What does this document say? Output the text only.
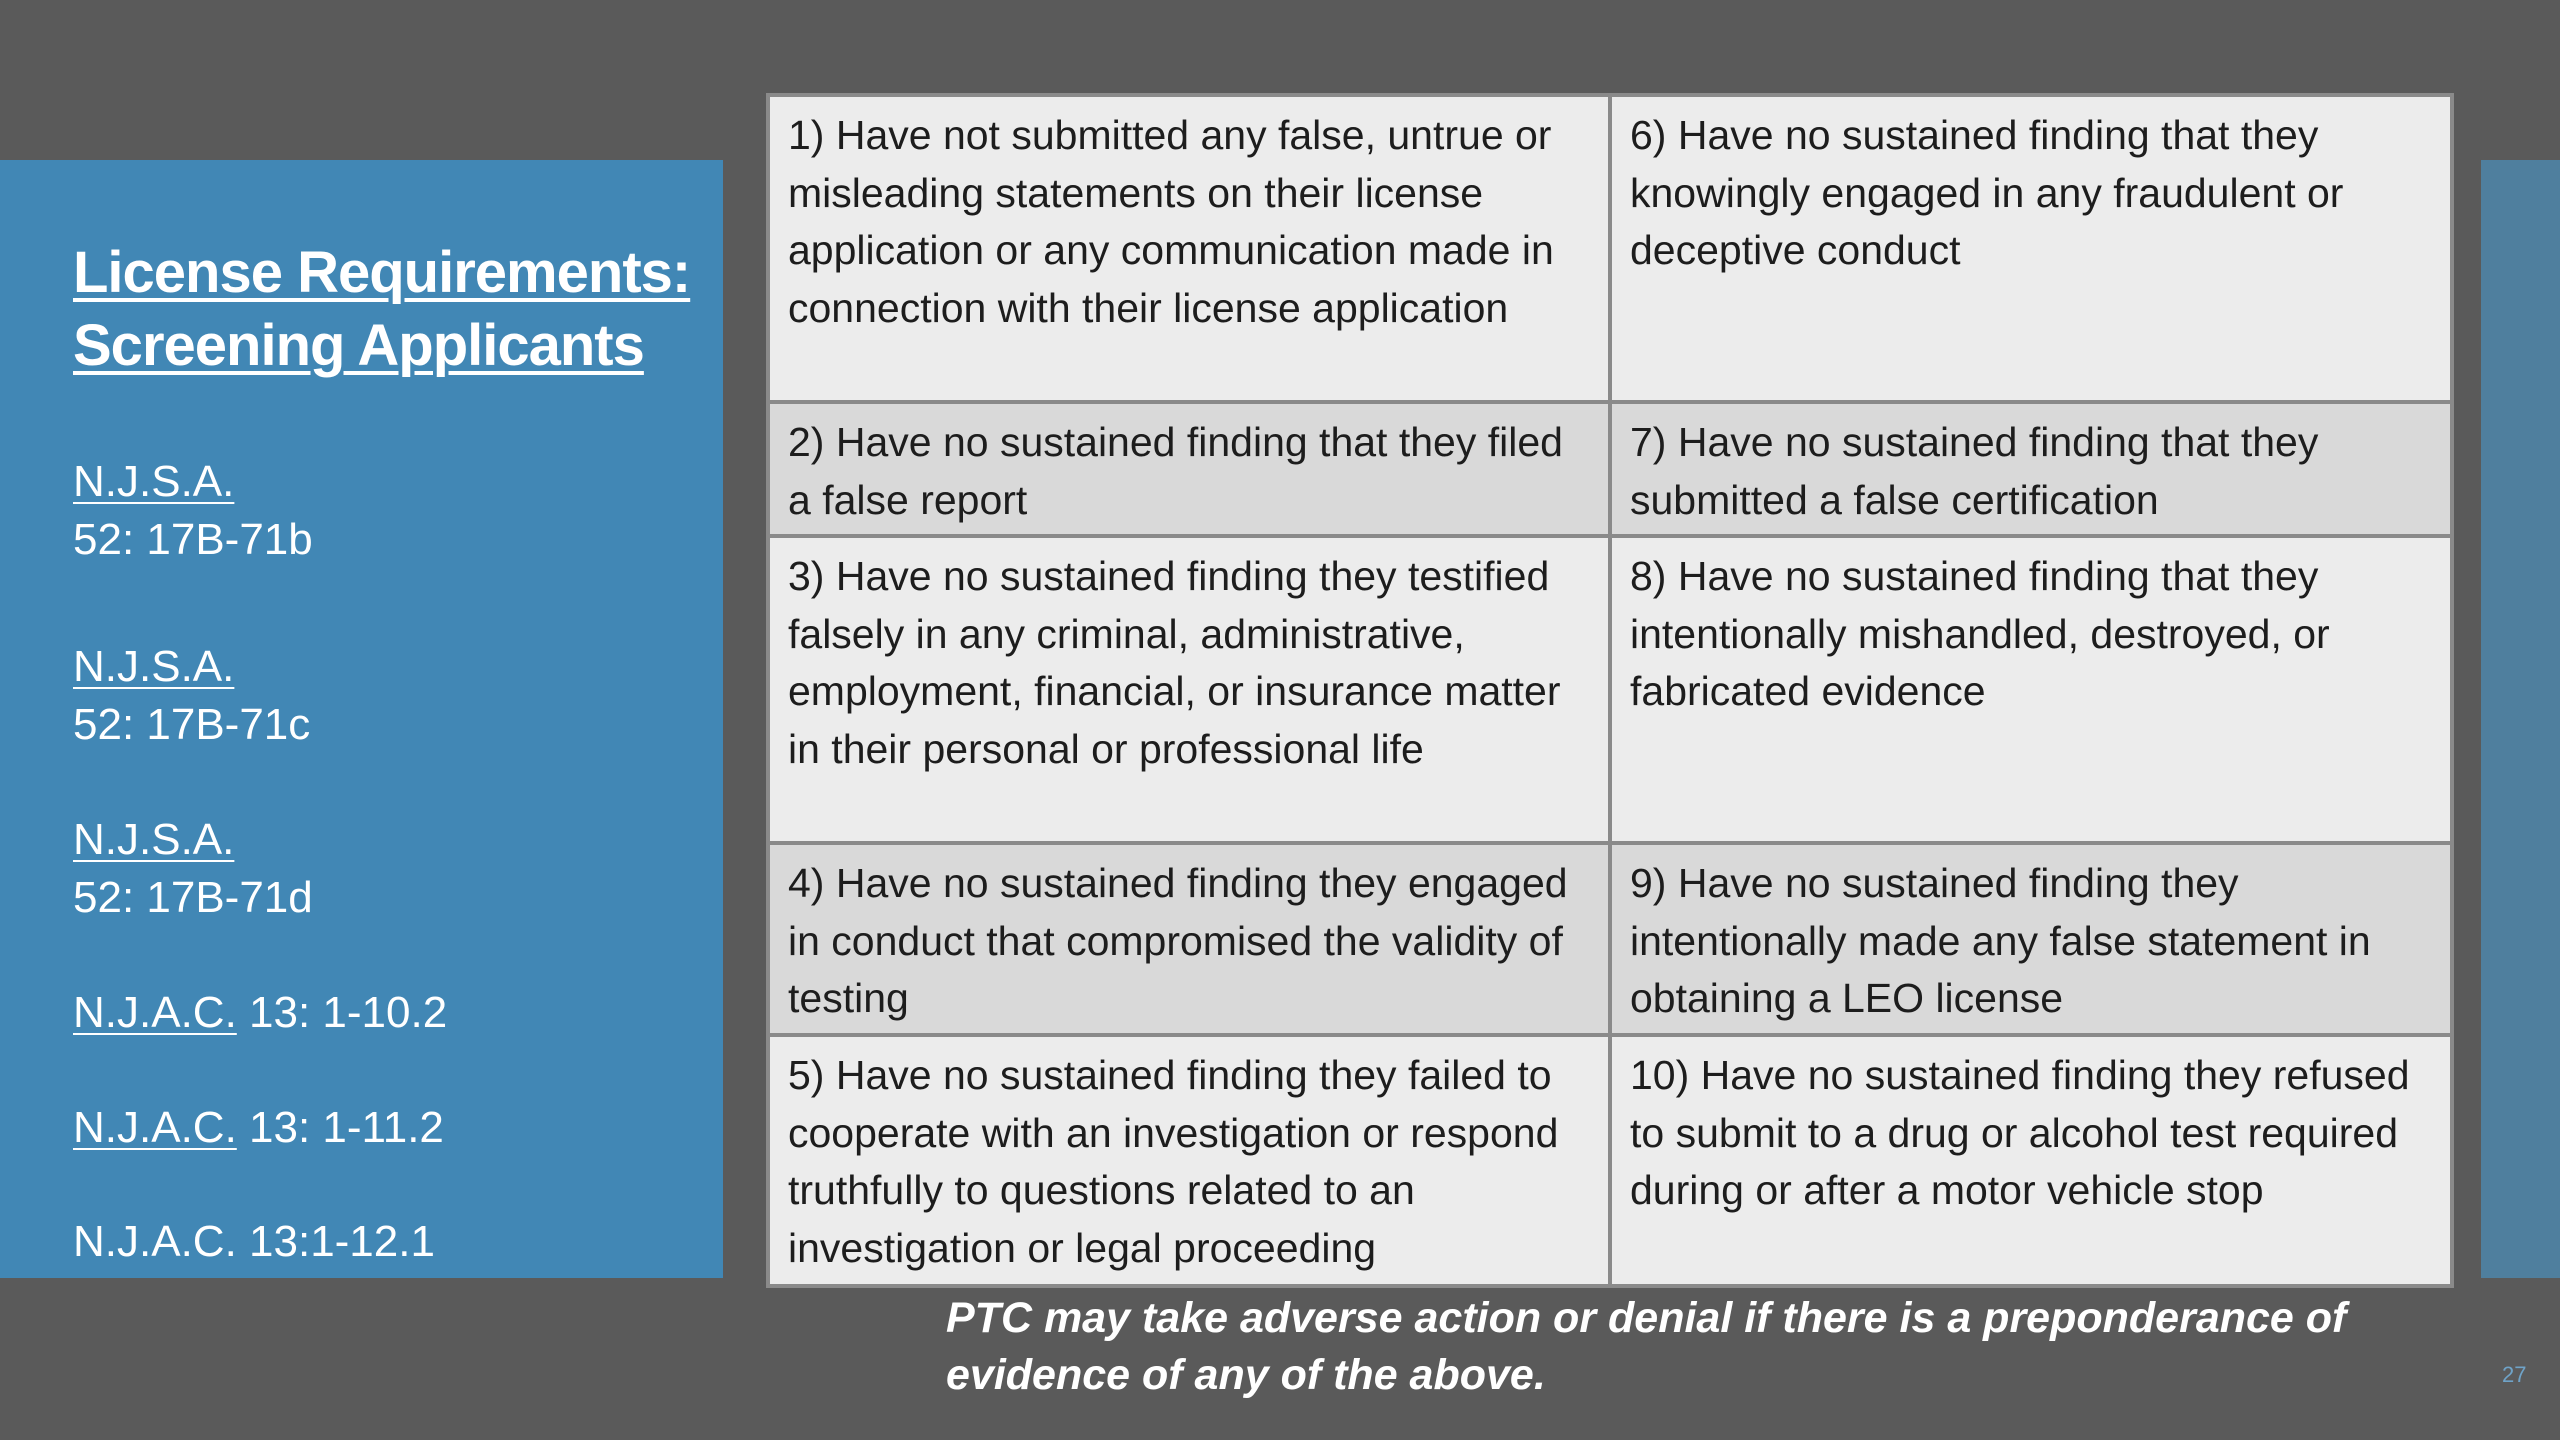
License Requirements:
Screening Applicants
N.J.S.A.
52: 17B-71b
N.J.S.A.
52: 17B-71c
N.J.S.A.
52: 17B-71d
N.J.A.C. 13: 1-10.2
N.J.A.C. 13: 1-11.2
N.J.A.C. 13:1-12.1
1) Have not submitted any false, untrue or misleading statements on their license application or any communication made in connection with their license application	6) Have no sustained finding that they knowingly engaged in any fraudulent or deceptive conduct
2) Have no sustained finding that they filed a false report	7) Have no sustained finding that they submitted a false certification
3) Have no sustained finding they testified falsely in any criminal, administrative, employment, financial, or insurance matter in their personal or professional life	8) Have no sustained finding that they intentionally mishandled, destroyed, or fabricated evidence
4) Have no sustained finding they engaged in conduct that compromised the validity of testing	9) Have no sustained finding they intentionally made any false statement in obtaining a LEO license
5) Have no sustained finding they failed to cooperate with an investigation or respond truthfully to questions related to an investigation or legal proceeding	10) Have no sustained finding they refused to submit to a drug or alcohol test required during or after a motor vehicle stop
PTC may take adverse action or denial if there is a preponderance of evidence of any of the above.	27
